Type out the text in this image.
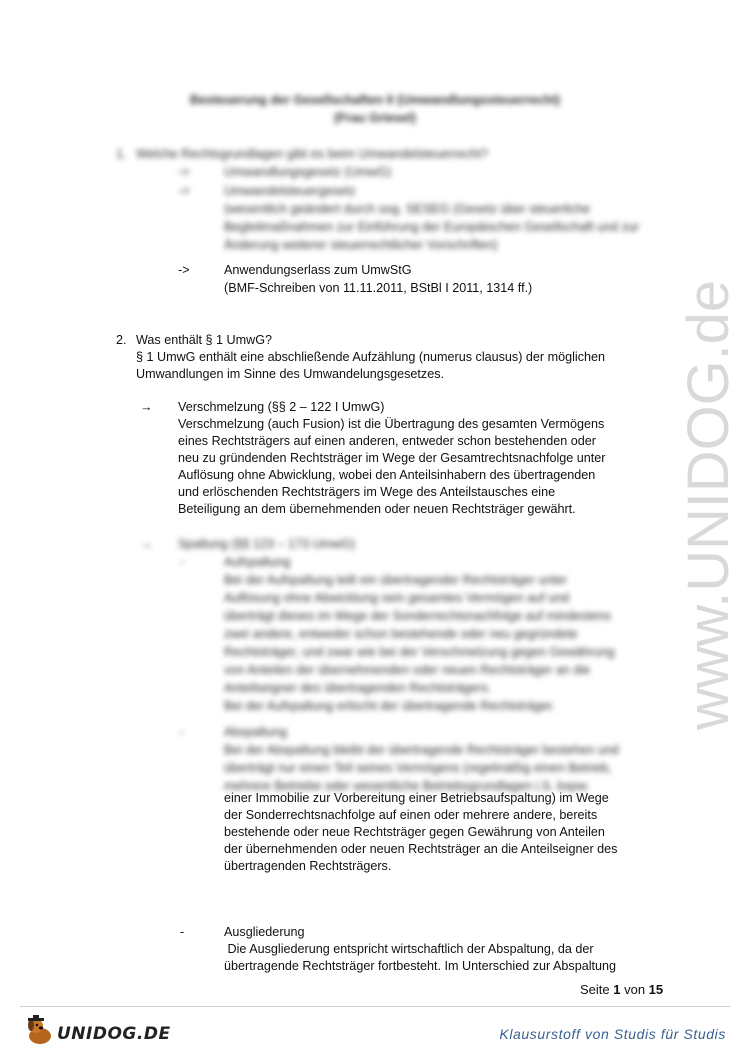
Besteuerung der Gesellschaften II (Umwandlungssteuerrecht)
(Frau Griesel)
1. Welche Rechtsgrundlagen gibt es beim Umwandelsteuerrecht?
->	Umwandlungsgesetz (UmwG)
->	Umwandelsteuergesetz
(wesentlich geändert durch sog. SESEG (Gesetz über steuerliche
Begleitmaßnahmen zur Einführung der Europäischen Gesellschaft und zur
Änderung weiterer steuerrechtlicher Vorschriften)
->	Anwendungserlass zum UmwStG
(BMF-Schreiben von 11.11.2011, BStBl I 2011, 1314 ff.)
2. Was enthält § 1 UmwG?
§ 1 UmwG enthält eine abschließende Aufzählung (numerus clausus) der möglichen
Umwandlungen im Sinne des Umwandelungsgesetzes.
→ Verschmelzung (§§ 2 – 122 I UmwG)
Verschmelzung (auch Fusion) ist die Übertragung des gesamten Vermögens
eines Rechtsträgers auf einen anderen, entweder schon bestehenden oder
neu zu gründenden Rechtsträger im Wege der Gesamtrechtsnachfolge unter
Auflösung ohne Abwicklung, wobei den Anteilsinhabern des übertragenden
und erlöschenden Rechtsträgers im Wege des Anteilstausches eine
Beteiligung an dem übernehmenden oder neuen Rechtsträger gewährt.
→ Spaltung (§§ 123 – 173 UmwG)
-	Aufspaltung
Bei der Aufspaltung teilt ein übertragender Rechtsträger unter
Auflösung ohne Abwicklung sein gesamtes Vermögen auf und
überträgt dieses im Wege der Sonderrechtsnachfolge auf mindestens
zwei andere, entweder schon bestehende oder neu gegründete
Rechtsträger, und zwar wie bei der Verschmelzung gegen Gewährung
von Anteilen der übernehmenden oder neuen Rechtsträger an die
Anteilseigner des übertragenden Rechtsträgers.
Bei der Aufspaltung erlischt der übertragende Rechtsträger.
-	Abspaltung
Bei der Abspaltung bleibt der übertragende Rechtsträger bestehen und
überträgt nur einen Teil seines Vermögens (regelmäßig einen Betrieb,
mehrere Betriebe oder wesentliche Betriebsgrundlagen i.S. bspw.
einer Immobilie zur Vorbereitung einer Betriebsaufspaltung) im Wege
der Sonderrechtsnachfolge auf einen oder mehrere andere, bereits
bestehende oder neue Rechtsträger gegen Gewährung von Anteilen
der übernehmenden oder neuen Rechtsträger an die Anteilseigner des
übertragenden Rechtsträgers.
-	Ausgliederung
Die Ausgliederung entspricht wirtschaftlich der Abspaltung, da der
übertragende Rechtsträger fortbesteht. Im Unterschied zur Abspaltung
www.UNIDOG.de
Seite 1 von 15
UNIDOG.DE	Klausurstoff von Studis für Studis
